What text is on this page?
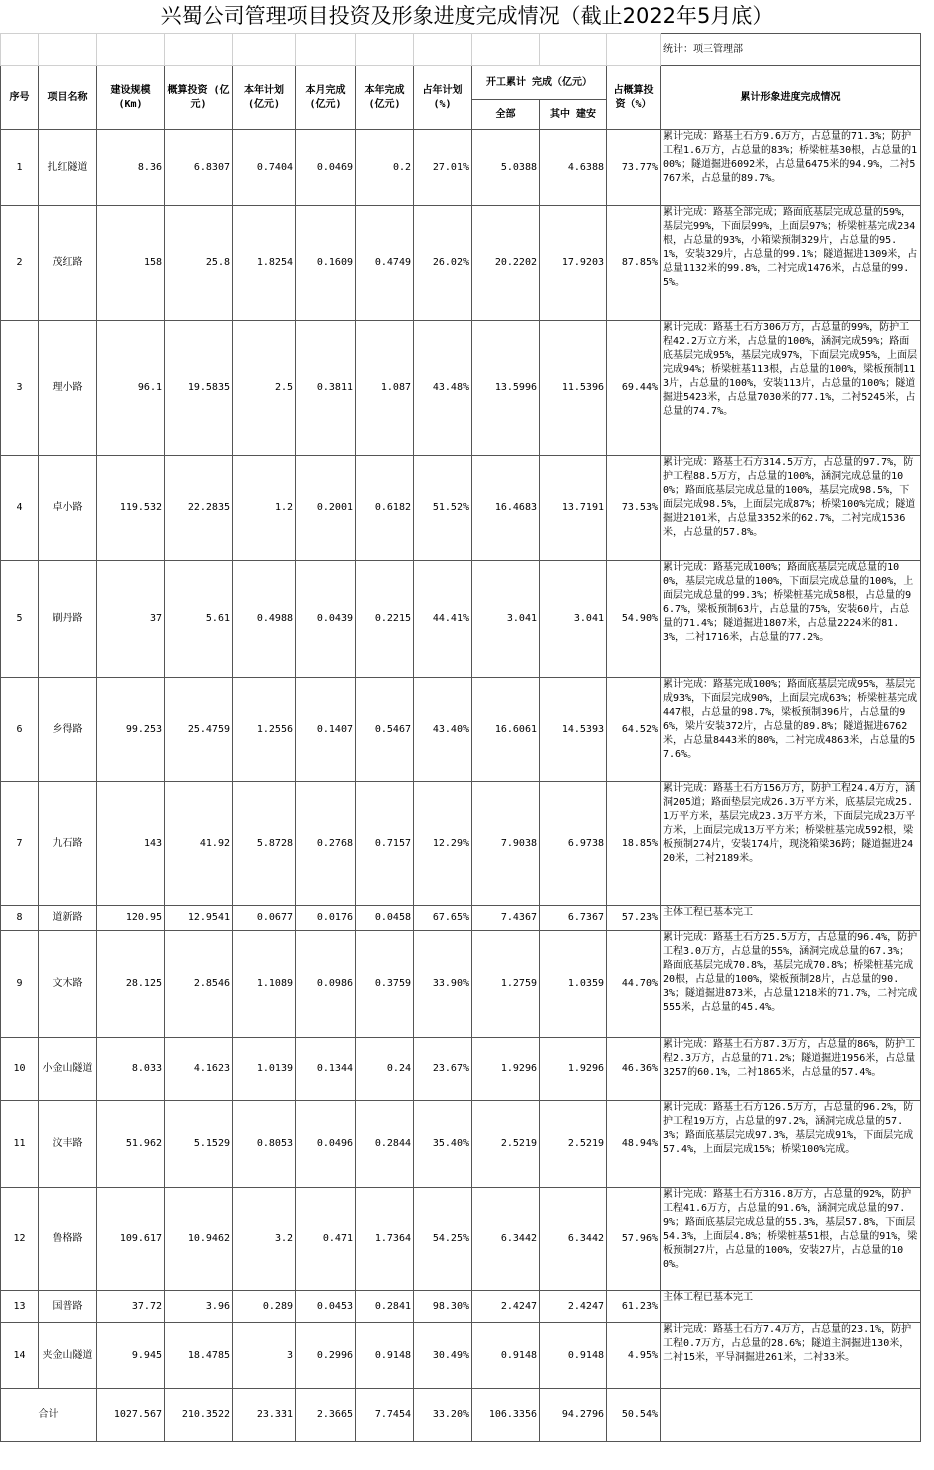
兴蜀公司管理项目投资及形象进度完成情况（截止2022年5月底）
											统计：项三管理部
序号	项目名称	建设规模 (Km)	概算投资 (亿元)	本年计划 (亿元)	本月完成 (亿元)	本年完成 (亿元)	占年计划 (%)	开工累计 完成（亿元）		占概算投资（%）	累计形象进度完成情况
								全部	其中 建安		
1	扎红隧道	8.36	6.8307	0.7404	0.0469	0.2	27.01%	5.0388	4.6388	73.77%	累计完成：路基土石方9.6万方，占总量的71.3%；防护工程1.6万方，占总量的83%；桥梁桩基30根，占总量的100%；隧道掘进6092米，占总量6475米的94.9%，二衬5767米，占总量的89.7%。
2	茂红路	158	25.8	1.8254	0.1609	0.4749	26.02%	20.2202	17.9203	87.85%	累计完成：路基全部完成；路面底基层完成总量的59%，基层完99%，下面层99%，上面层97%；桥梁桩基完成234根，占总量的93%，小箱梁预制329片，占总量的95.1%，安装329片，占总量的99.1%；隧道掘进1309米，占总量1132米的99.8%，二衬完成1476米，占总量的99.5%。
3	理小路	96.1	19.5835	2.5	0.3811	1.087	43.48%	13.5996	11.5396	69.44%	累计完成：路基土石方306万方，占总量的99%，防护工程42.2万立方米，占总量的100%，涵洞完成59%；路面底基层完成95%，基层完成97%，下面层完成95%，上面层完成94%；桥梁桩基113根，占总量的100%，梁板预制113片，占总量的100%，安装113片，占总量的100%；隧道掘进5423米，占总量7030米的77.1%，二衬5245米，占总量的74.7%。
4	卓小路	119.532	22.2835	1.2	0.2001	0.6182	51.52%	16.4683	13.7191	73.53%	累计完成：路基土石方314.5万方，占总量的97.7%，防护工程88.5万方，占总量的100%，涵洞完成总量的100%；路面底基层完成总量的100%，基层完成98.5%，下面层完成98.5%，上面层完成87%；桥梁100%完成；隧道掘进2101米，占总量3352米的62.7%，二衬完成1536米，占总量的57.8%。
5	刷丹路	37	5.61	0.4988	0.0439	0.2215	44.41%	3.041	3.041	54.90%	累计完成：路基完成100%；路面底基层完成总量的100%，基层完成总量的100%，下面层完成总量的100%，上面层完成总量的99.3%；桥梁桩基完成58根，占总量的96.7%，梁板预制63片，占总量的75%，安装60片，占总量的71.4%；隧道掘进1807米，占总量2224米的81.3%，二衬1716米，占总量的77.2%。
6	乡得路	99.253	25.4759	1.2556	0.1407	0.5467	43.40%	16.6061	14.5393	64.52%	累计完成：路基完成100%；路面底基层完成95%，基层完成93%，下面层完成90%，上面层完成63%；桥梁桩基完成447根，占总量的98.7%，梁板预制396片，占总量的96%，梁片安装372片，占总量的89.8%；隧道掘进6762米，占总量8443米的80%，二衬完成4863米，占总量的57.6%。
7	九石路	143	41.92	5.8728	0.2768	0.7157	12.29%	7.9038	6.9738	18.85%	累计完成：路基土石方156万方，防护工程24.4万方，涵洞205道；路面垫层完成26.3万平方米，底基层完成25.1万平方米，基层完成23.3万平方米，下面层完成23万平方米，上面层完成13万平方米；桥梁桩基完成592根，梁板预制274片，安装174片，现浇箱梁36跨；隧道掘进2420米，二衬2189米。
8	道新路	120.95	12.9541	0.0677	0.0176	0.0458	67.65%	7.4367	6.7367	57.23%	主体工程已基本完工
9	文木路	28.125	2.8546	1.1089	0.0986	0.3759	33.90%	1.2759	1.0359	44.70%	累计完成：路基土石方25.5万方，占总量的96.4%，防护工程3.0万方，占总量的55%，涵洞完成总量的67.3%；路面底基层完成70.8%，基层完成70.8%；桥梁桩基完成20根，占总量的100%，梁板预制28片，占总量的90.3%；隧道掘进873米，占总量1218米的71.7%，二衬完成555米，占总量的45.4%。
10	小金山隧道	8.033	4.1623	1.0139	0.1344	0.24	23.67%	1.9296	1.9296	46.36%	累计完成：路基土石方87.3万方，占总量的86%，防护工程2.3万方，占总量的71.2%；隧道掘进1956米，占总量3257的60.1%，二衬1865米，占总量的57.4%。
11	汶丰路	51.962	5.1529	0.8053	0.0496	0.2844	35.40%	2.5219	2.5219	48.94%	累计完成：路基土石方126.5万方，占总量的96.2%，防护工程19万方，占总量的97.2%，涵洞完成总量的57.3%；路面底基层完成97.3%，基层完成91%，下面层完成57.4%，上面层完成15%；桥梁100%完成。
12	鲁格路	109.617	10.9462	3.2	0.471	1.7364	54.25%	6.3442	6.3442	57.96%	累计完成：路基土石方316.8万方，占总量的92%，防护工程41.6万方，占总量的91.6%，涵洞完成总量的97.9%；路面底基层完成总量的55.3%，基层57.8%，下面层54.3%，上面层4.8%；桥梁桩基51根，占总量的91%，梁板预制27片，占总量的100%，安装27片，占总量的100%。
13	国普路	37.72	3.96	0.289	0.0453	0.2841	98.30%	2.4247	2.4247	61.23%	主体工程已基本完工
14	夹金山隧道	9.945	18.4785	3	0.2996	0.9148	30.49%	0.9148	0.9148	4.95%	累计完成：路基土石方7.4万方，占总量的23.1%，防护工程0.7万方，占总量的28.6%；隧道主洞掘进130米，二衬15米，平导洞掘进261米，二衬33米。
合计		1027.567	210.3522	23.331	2.3665	7.7454	33.20%	106.3356	94.2796	50.54%	
